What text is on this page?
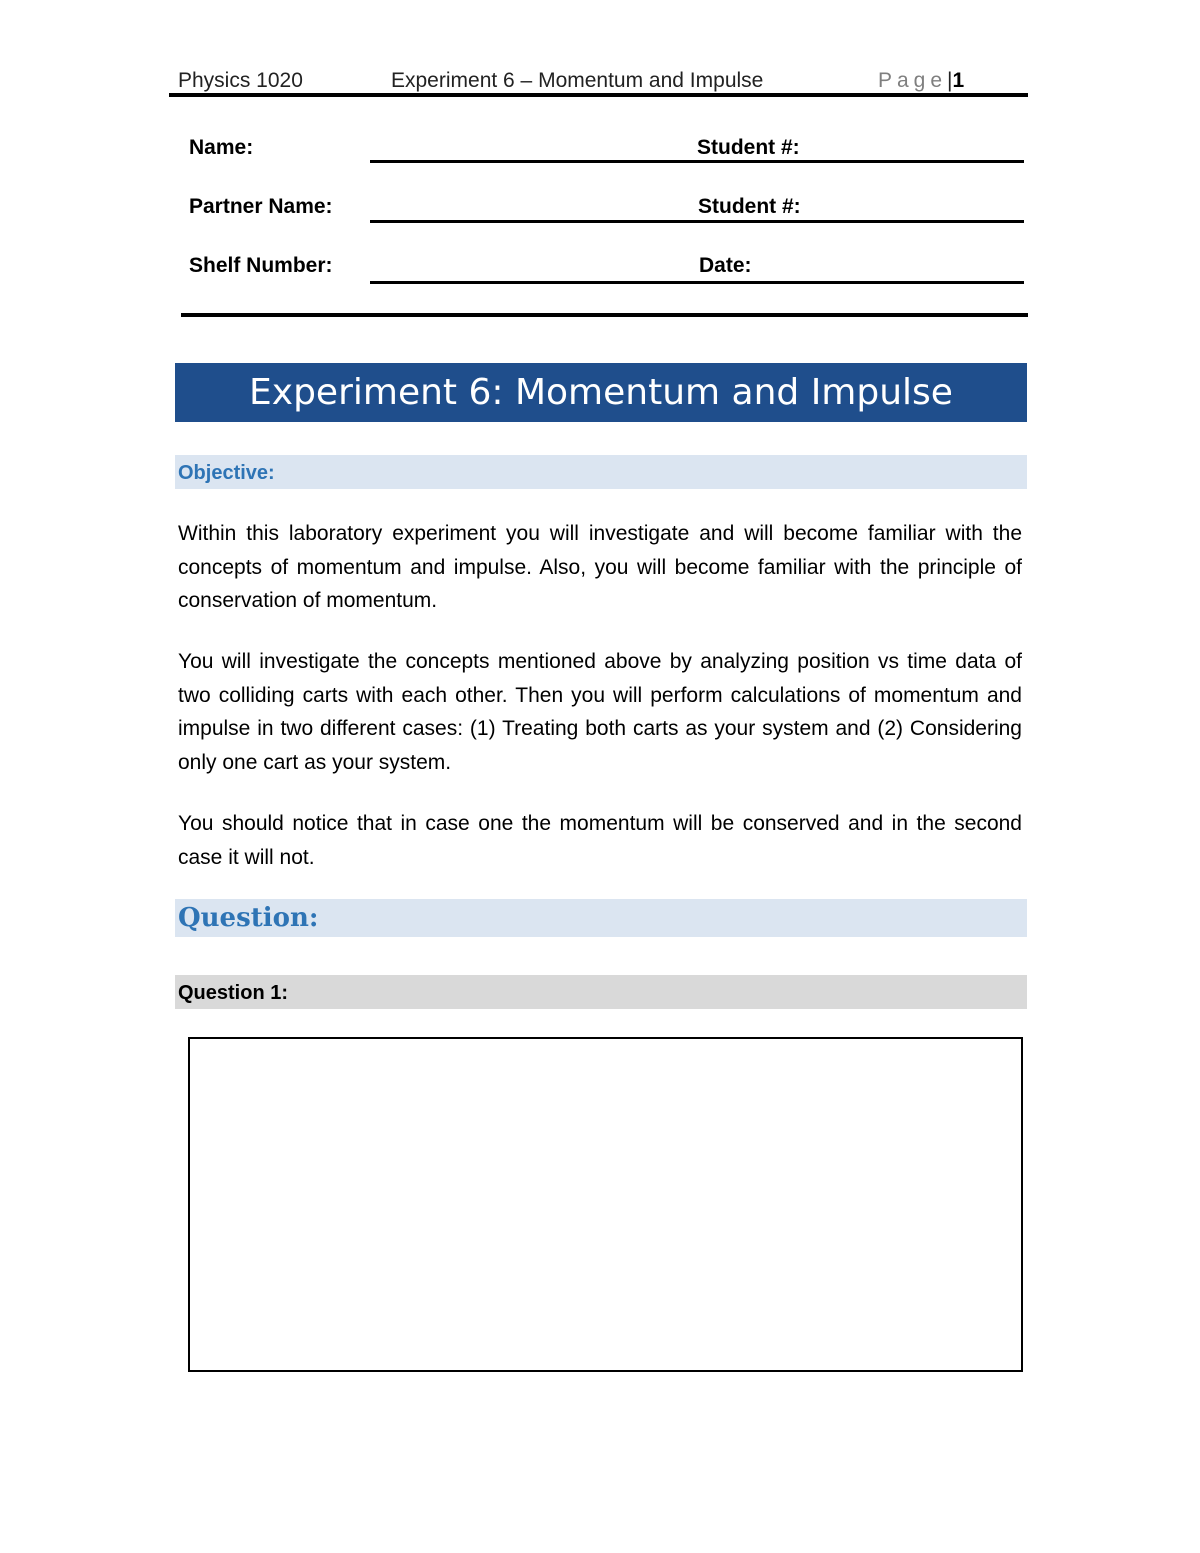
Physics 1020	Experiment 6 – Momentum and Impulse	Page|1
Name:	Student #:
Partner Name:	Student #:
Shelf Number:	Date:
Experiment 6: Momentum and Impulse
Objective:

Within this laboratory experiment you will investigate and will become familiar with the concepts of momentum and impulse. Also, you will become familiar with the principle of conservation of momentum.

You will investigate the concepts mentioned above by analyzing position vs time data of two colliding carts with each other. Then you will perform calculations of momentum and impulse in two different cases: (1) Treating both carts as your system and (2) Considering only one cart as your system.

You should notice that in case one the momentum will be conserved and in the second case it will not.

Question:
Question 1:
